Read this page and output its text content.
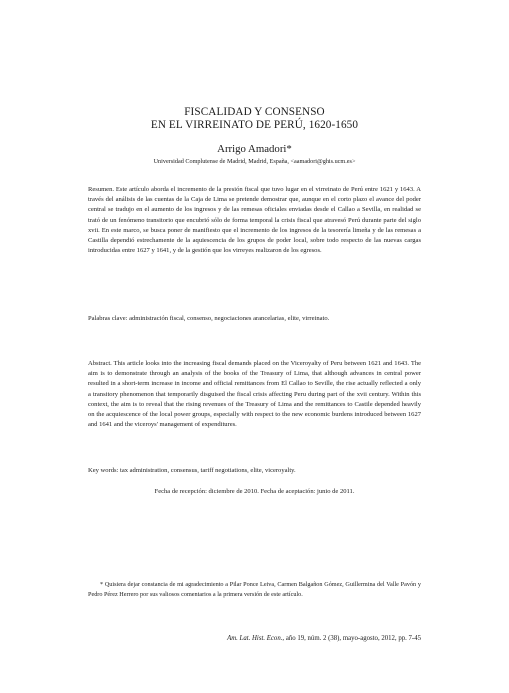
FISCALIDAD Y CONSENSO
EN EL VIRREINATO DE PERÚ, 1620-1650
Arrigo Amadori*
Universidad Complutense de Madrid, Madrid, España, <aamadori@ghis.ucm.es>
Resumen. Este artículo aborda el incremento de la presión fiscal que tuvo lugar en el virreinato de Perú entre 1621 y 1643. A través del análisis de las cuentas de la Caja de Lima se pretende demostrar que, aunque en el corto plazo el avance del poder central se tradujo en el aumento de los ingresos y de las remesas oficiales enviadas desde el Callao a Sevilla, en realidad se trató de un fenómeno transitorio que encubrió sólo de forma temporal la crisis fiscal que atravesó Perú durante parte del siglo xvii. En este marco, se busca poner de manifiesto que el incremento de los ingresos de la tesorería limeña y de las remesas a Castilla dependió estrechamente de la aquiescencia de los grupos de poder local, sobre todo respecto de las nuevas cargas introducidas entre 1627 y 1641, y de la gestión que los virreyes realizaron de los egresos.
Palabras clave: administración fiscal, consenso, negociaciones arancelarias, elite, virreinato.
Abstract. This article looks into the increasing fiscal demands placed on the Viceroyalty of Peru between 1621 and 1643. The aim is to demonstrate through an analysis of the books of the Treasury of Lima, that although advances in central power resulted in a short-term increase in income and official remittances from El Callao to Seville, the rise actually reflected a only a transitory phenomenon that temporarily disguised the fiscal crisis affecting Peru during part of the xvii century. Within this context, the aim is to reveal that the rising revenues of the Treasury of Lima and the remittances to Castile depended heavily on the acquiescence of the local power groups, especially with respect to the new economic burdens introduced between 1627 and 1641 and the viceroys' management of expenditures.
Key words: tax administration, consensus, tariff negotiations, elite, viceroyalty.
Fecha de recepción: diciembre de 2010. Fecha de aceptación: junio de 2011.
* Quisiera dejar constancia de mi agradecimiento a Pilar Ponce Leiva, Carmen Balgañon Gómez, Guillermina del Valle Pavón y Pedro Pérez Herrero por sus valiosos comentarios a la primera versión de este artículo.
Am. Lat. Hist. Econ., año 19, núm. 2 (38), mayo-agosto, 2012, pp. 7-45
